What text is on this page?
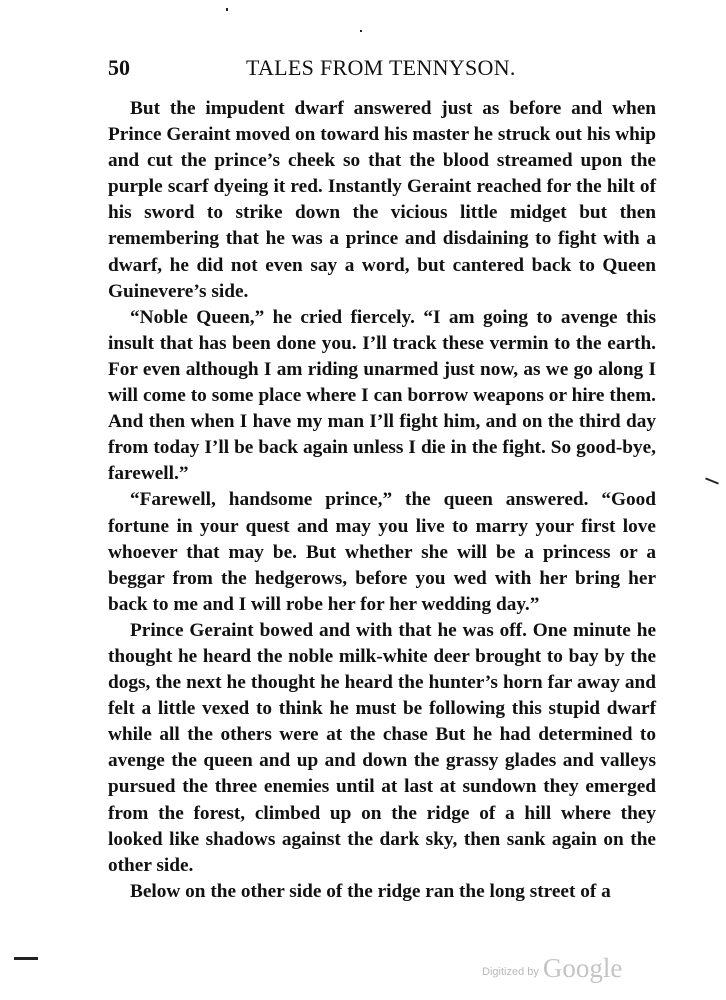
50	TALES FROM TENNYSON.

But the impudent dwarf answered just as before and when Prince Geraint moved on toward his master he struck out his whip and cut the prince’s cheek so that the blood streamed upon the purple scarf dyeing it red. Instantly Geraint reached for the hilt of his sword to strike down the vicious little midget but then remembering that he was a prince and disdaining to fight with a dwarf, he did not even say a word, but cantered back to Queen Guinevere’s side.

“Noble Queen,” he cried fiercely. “I am going to avenge this insult that has been done you. I’ll track these vermin to the earth. For even although I am riding unarmed just now, as we go along I will come to some place where I can borrow weapons or hire them. And then when I have my man I’ll fight him, and on the third day from today I’ll be back again unless I die in the fight. So good-bye, farewell.”

“Farewell, handsome prince,” the queen answered. “Good fortune in your quest and may you live to marry your first love whoever that may be. But whether she will be a princess or a beggar from the hedgerows, before you wed with her bring her back to me and I will robe her for her wedding day.”

Prince Geraint bowed and with that he was off. One minute he thought he heard the noble milk-white deer brought to bay by the dogs, the next he thought he heard the hunter’s horn far away and felt a little vexed to think he must be following this stupid dwarf while all the others were at the chase But he had determined to avenge the queen and up and down the grassy glades and valleys pursued the three enemies until at last at sundown they emerged from the forest, climbed up on the ridge of a hill where they looked like shadows against the dark sky, then sank again on the other side.

Below on the other side of the ridge ran the long street of a

Digitized by Google
